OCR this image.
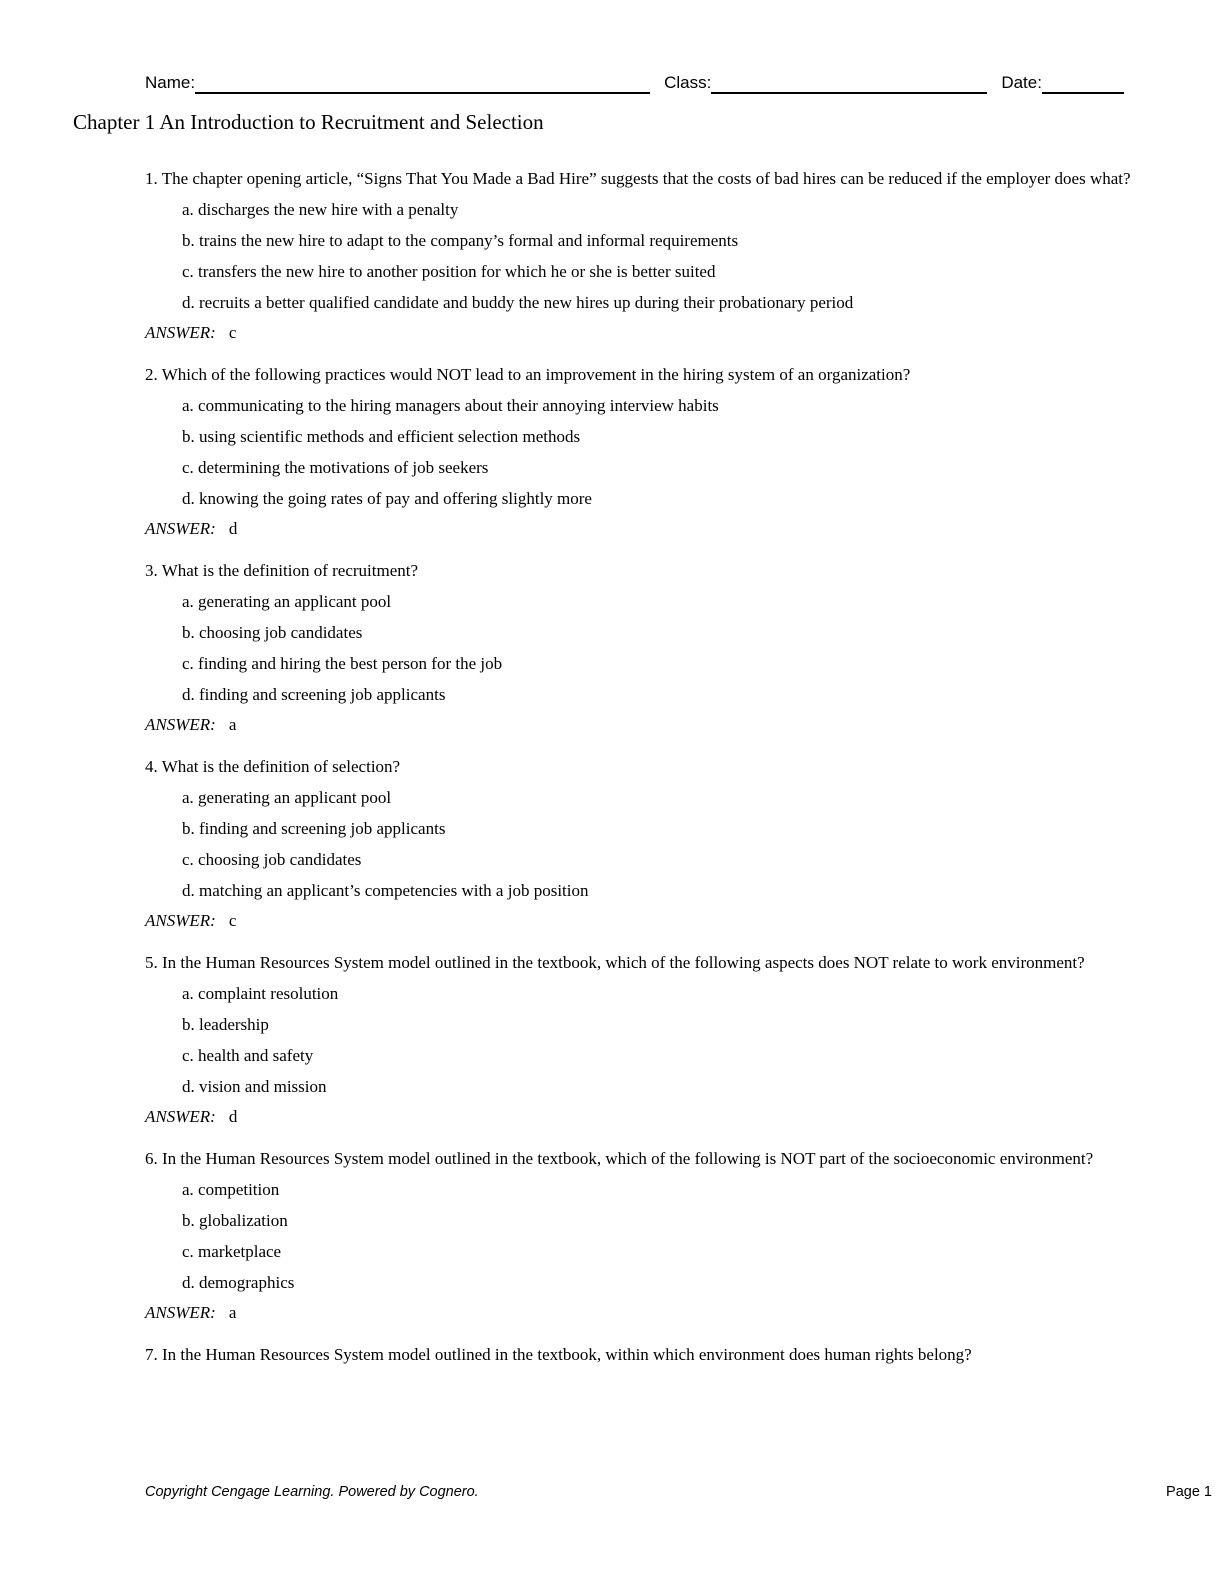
Name:	Class:	Date:
Chapter 1 An Introduction to Recruitment and Selection
1. The chapter opening article, “Signs That You Made a Bad Hire” suggests that the costs of bad hires can be reduced if the employer does what?
a. discharges the new hire with a penalty
b. trains the new hire to adapt to the company’s formal and informal requirements
c. transfers the new hire to another position for which he or she is better suited
d. recruits a better qualified candidate and buddy the new hires up during their probationary period
ANSWER: c
2. Which of the following practices would NOT lead to an improvement in the hiring system of an organization?
a. communicating to the hiring managers about their annoying interview habits
b. using scientific methods and efficient selection methods
c. determining the motivations of job seekers
d. knowing the going rates of pay and offering slightly more
ANSWER: d
3. What is the definition of recruitment?
a. generating an applicant pool
b. choosing job candidates
c. finding and hiring the best person for the job
d. finding and screening job applicants
ANSWER: a
4. What is the definition of selection?
a. generating an applicant pool
b. finding and screening job applicants
c. choosing job candidates
d. matching an applicant’s competencies with a job position
ANSWER: c
5. In the Human Resources System model outlined in the textbook, which of the following aspects does NOT relate to work environment?
a. complaint resolution
b. leadership
c. health and safety
d. vision and mission
ANSWER: d
6. In the Human Resources System model outlined in the textbook, which of the following is NOT part of the socioeconomic environment?
a. competition
b. globalization
c. marketplace
d. demographics
ANSWER: a
7. In the Human Resources System model outlined in the textbook, within which environment does human rights belong?
Copyright Cengage Learning. Powered by Cognero.	Page 1
